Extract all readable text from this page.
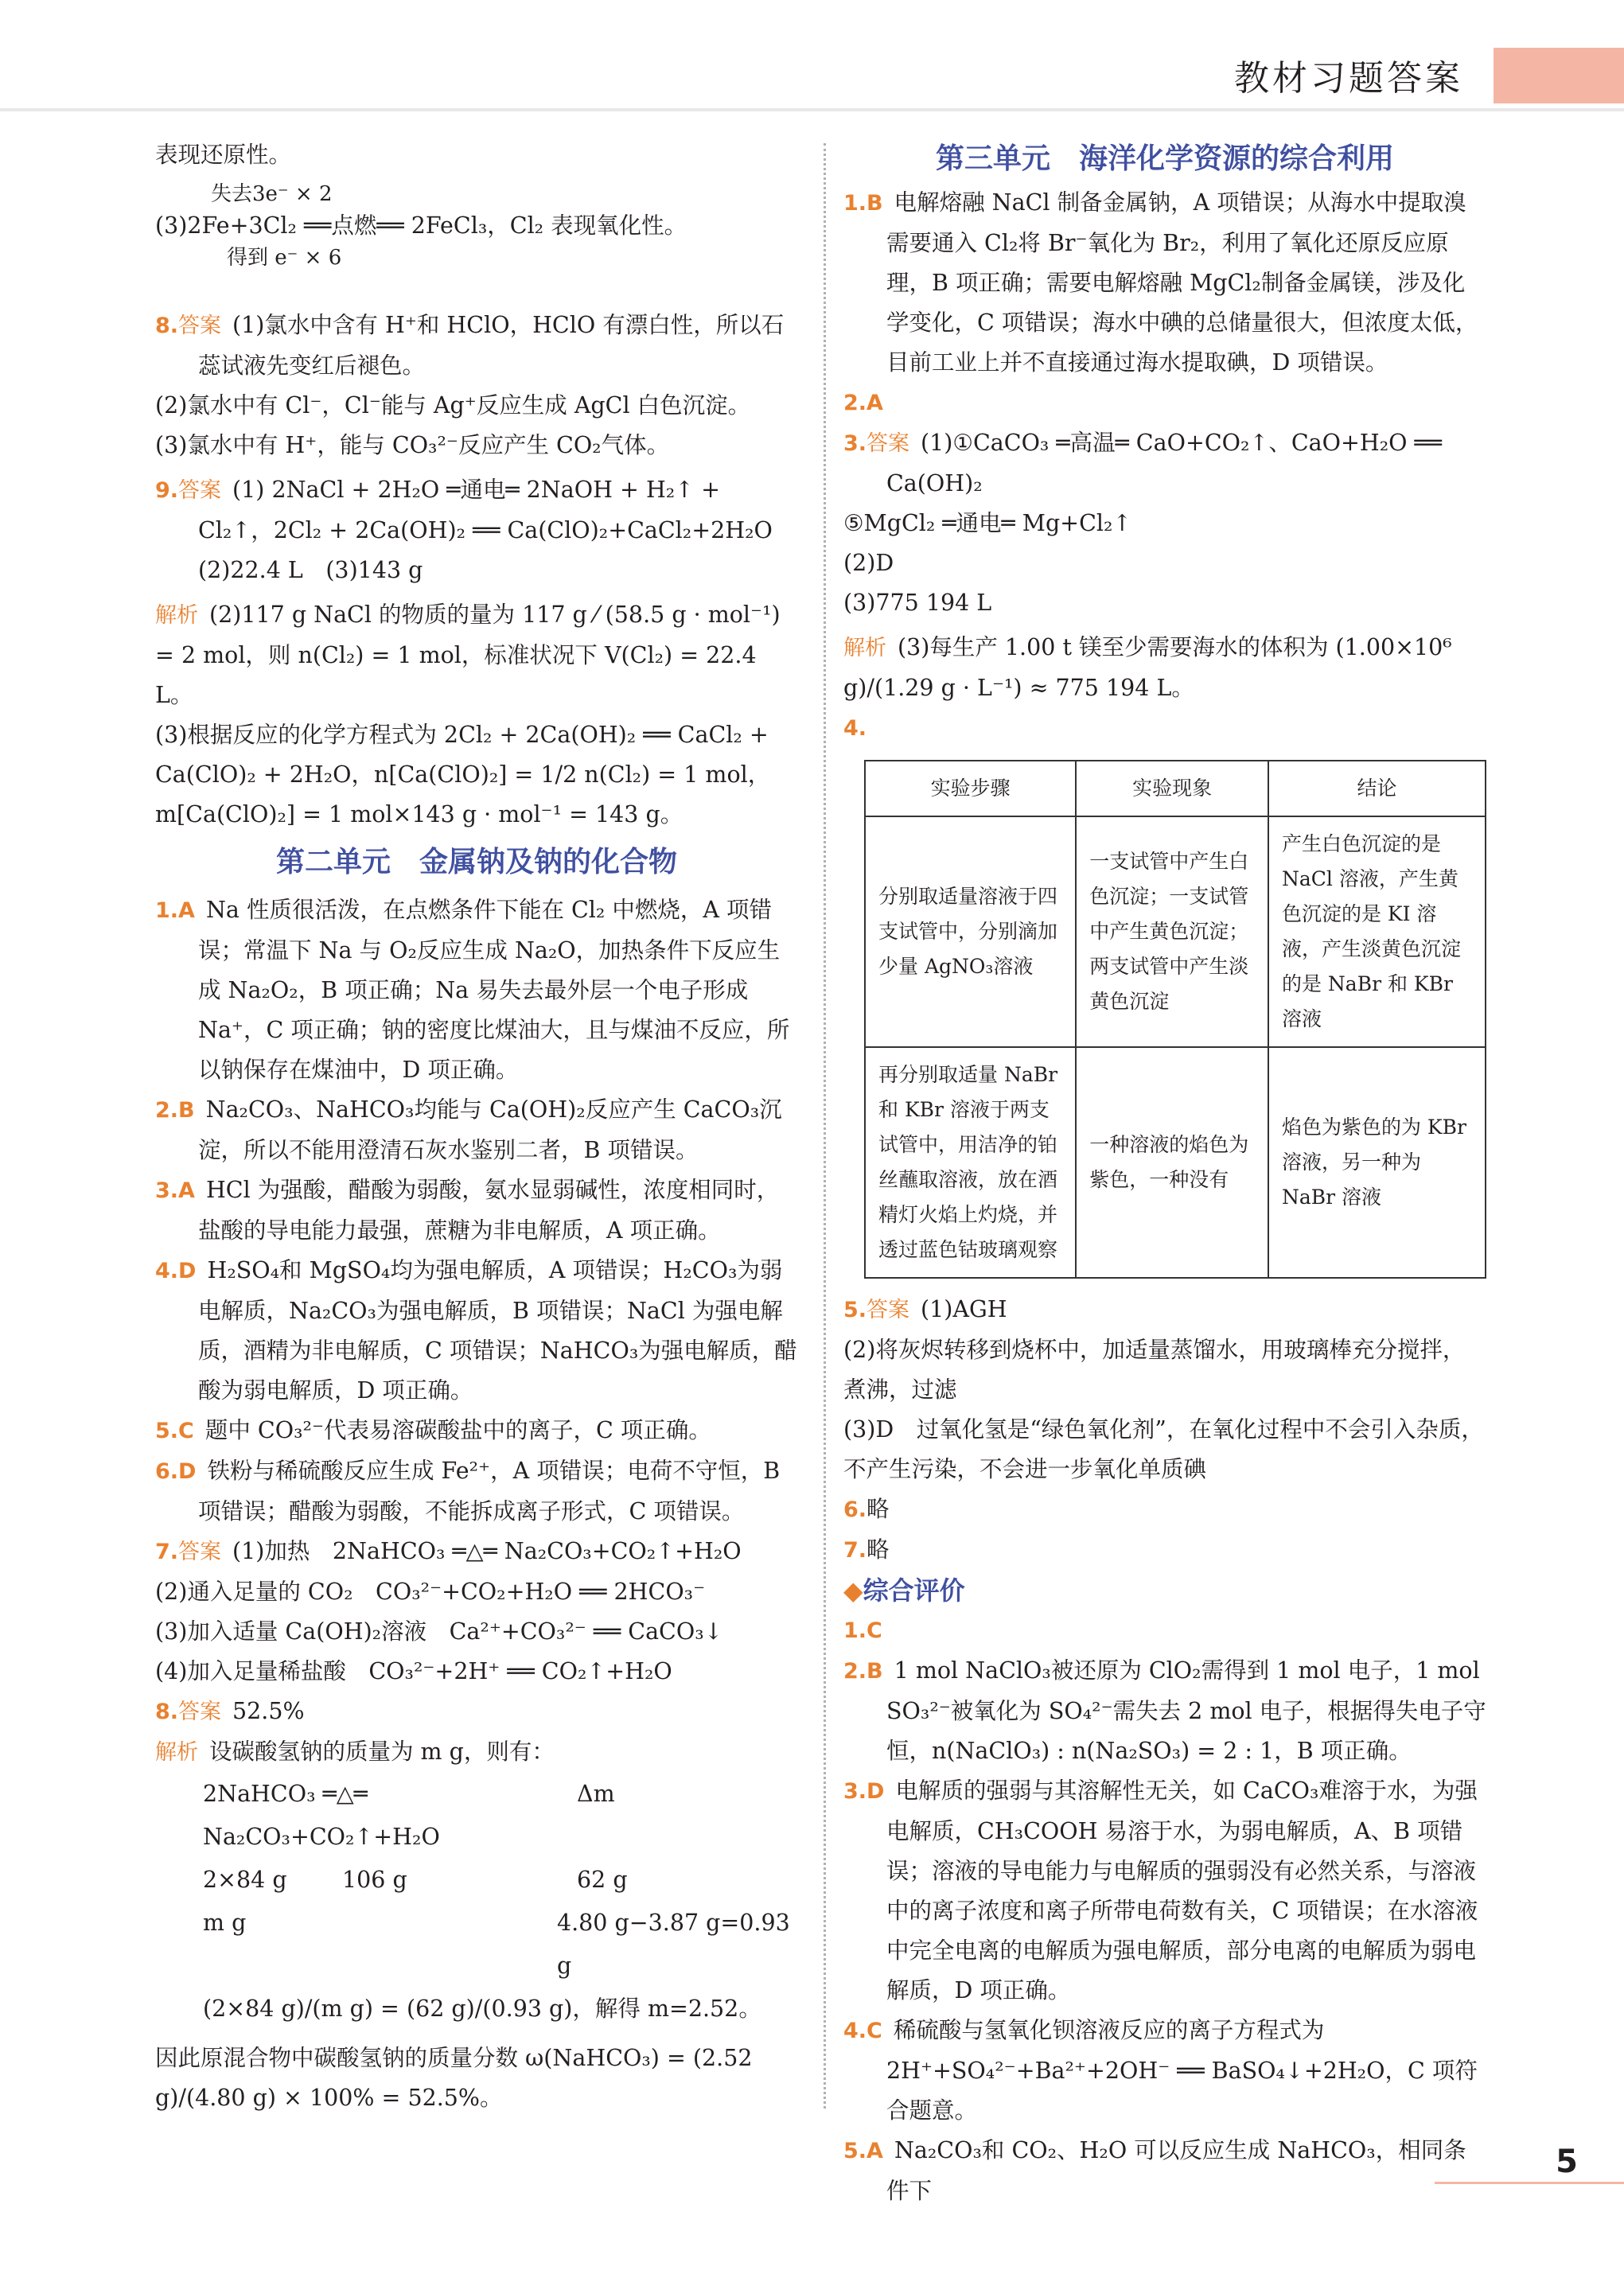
教材习题答案

表现还原性。

失去3e⁻ × 2
(3)2Fe+3Cl₂ ══点燃══ 2FeCl₃，Cl₂ 表现氧化性。
得到 e⁻ × 6

8.答案 (1)氯水中含有 H⁺和 HClO，HClO 有漂白性，所以石蕊试液先变红后褪色。

(2)氯水中有 Cl⁻，Cl⁻能与 Ag⁺反应生成 AgCl 白色沉淀。

(3)氯水中有 H⁺，能与 CO₃²⁻反应产生 CO₂气体。

9.答案 (1) 2NaCl + 2H₂O ═通电═ 2NaOH + H₂↑ + Cl₂↑，2Cl₂ + 2Ca(OH)₂ ══ Ca(ClO)₂+CaCl₂+2H₂O　(2)22.4 L　(3)143 g

解析 (2)117 g NaCl 的物质的量为 117 g ⁄ (58.5 g · mol⁻¹) = 2 mol，则 n(Cl₂) = 1 mol，标准状况下 V(Cl₂) = 22.4 L。

(3)根据反应的化学方程式为 2Cl₂ + 2Ca(OH)₂ ══ CaCl₂ + Ca(ClO)₂ + 2H₂O，n[Ca(ClO)₂] = 1/2 n(Cl₂) = 1 mol，m[Ca(ClO)₂] = 1 mol×143 g · mol⁻¹ = 143 g。

第二单元　金属钠及钠的化合物

1.A Na 性质很活泼，在点燃条件下能在 Cl₂ 中燃烧，A 项错误；常温下 Na 与 O₂反应生成 Na₂O，加热条件下反应生成 Na₂O₂，B 项正确；Na 易失去最外层一个电子形成 Na⁺，C 项正确；钠的密度比煤油大，且与煤油不反应，所以钠保存在煤油中，D 项正确。

2.B Na₂CO₃、NaHCO₃均能与 Ca(OH)₂反应产生 CaCO₃沉淀，所以不能用澄清石灰水鉴别二者，B 项错误。

3.A HCl 为强酸，醋酸为弱酸，氨水显弱碱性，浓度相同时，盐酸的导电能力最强，蔗糖为非电解质，A 项正确。

4.D H₂SO₄和 MgSO₄均为强电解质，A 项错误；H₂CO₃为弱电解质，Na₂CO₃为强电解质，B 项错误；NaCl 为强电解质，酒精为非电解质，C 项错误；NaHCO₃为强电解质，醋酸为弱电解质，D 项正确。

5.C 题中 CO₃²⁻代表易溶碳酸盐中的离子，C 项正确。

6.D 铁粉与稀硫酸反应生成 Fe²⁺，A 项错误；电荷不守恒，B 项错误；醋酸为弱酸，不能拆成离子形式，C 项错误。

7.答案 (1)加热　2NaHCO₃ ═△═ Na₂CO₃+CO₂↑+H₂O

(2)通入足量的 CO₂　CO₃²⁻+CO₂+H₂O ══ 2HCO₃⁻

(3)加入适量 Ca(OH)₂溶液　Ca²⁺+CO₃²⁻ ══ CaCO₃↓

(4)加入足量稀盐酸　CO₃²⁻+2H⁺ ══ CO₂↑+H₂O

8.答案 52.5%

解析 设碳酸氢钠的质量为 m g，则有：

2NaHCO₃ ═△═ Na₂CO₃+CO₂↑+H₂O
Δm
2×84 g	106 g	62 g
m g	4.80 g−3.87 g=0.93 g
(2×84 g)/(m g) = (62 g)/(0.93 g)，解得 m=2.52。

因此原混合物中碳酸氢钠的质量分数 ω(NaHCO₃) = (2.52 g)/(4.80 g) × 100% = 52.5%。

第三单元　海洋化学资源的综合利用

1.B 电解熔融 NaCl 制备金属钠，A 项错误；从海水中提取溴需要通入 Cl₂将 Br⁻氧化为 Br₂，利用了氧化还原反应原理，B 项正确；需要电解熔融 MgCl₂制备金属镁，涉及化学变化，C 项错误；海水中碘的总储量很大，但浓度太低，目前工业上并不直接通过海水提取碘，D 项错误。

2.A

3.答案 (1)①CaCO₃ ═高温═ CaO+CO₂↑、CaO+H₂O ══ Ca(OH)₂

⑤MgCl₂ ═通电═ Mg+Cl₂↑

(2)D

(3)775 194 L

解析 (3)每生产 1.00 t 镁至少需要海水的体积为 (1.00×10⁶ g)/(1.29 g · L⁻¹) ≈ 775 194 L。

4.

实验步骤	实验现象	结论
分别取适量溶液于四支试管中，分别滴加少量 AgNO₃溶液	一支试管中产生白色沉淀；一支试管中产生黄色沉淀；两支试管中产生淡黄色沉淀	产生白色沉淀的是 NaCl 溶液，产生黄色沉淀的是 KI 溶液，产生淡黄色沉淀的是 NaBr 和 KBr 溶液
再分别取适量 NaBr 和 KBr 溶液于两支试管中，用洁净的铂丝蘸取溶液，放在酒精灯火焰上灼烧，并透过蓝色钴玻璃观察	一种溶液的焰色为紫色，一种没有	焰色为紫色的为 KBr 溶液，另一种为 NaBr 溶液

5.答案 (1)AGH

(2)将灰烬转移到烧杯中，加适量蒸馏水，用玻璃棒充分搅拌，煮沸，过滤

(3)D　过氧化氢是“绿色氧化剂”，在氧化过程中不会引入杂质，不产生污染，不会进一步氧化单质碘

6.略

7.略

◆综合评价

1.C

2.B 1 mol NaClO₃被还原为 ClO₂需得到 1 mol 电子，1 mol SO₃²⁻被氧化为 SO₄²⁻需失去 2 mol 电子，根据得失电子守恒，n(NaClO₃) : n(Na₂SO₃) = 2 : 1，B 项正确。

3.D 电解质的强弱与其溶解性无关，如 CaCO₃难溶于水，为强电解质，CH₃COOH 易溶于水，为弱电解质，A、B 项错误；溶液的导电能力与电解质的强弱没有必然关系，与溶液中的离子浓度和离子所带电荷数有关，C 项错误；在水溶液中完全电离的电解质为强电解质，部分电离的电解质为弱电解质，D 项正确。

4.C 稀硫酸与氢氧化钡溶液反应的离子方程式为 2H⁺+SO₄²⁻+Ba²⁺+2OH⁻ ══ BaSO₄↓+2H₂O，C 项符合题意。

5.A Na₂CO₃和 CO₂、H₂O 可以反应生成 NaHCO₃，相同条件下

5
